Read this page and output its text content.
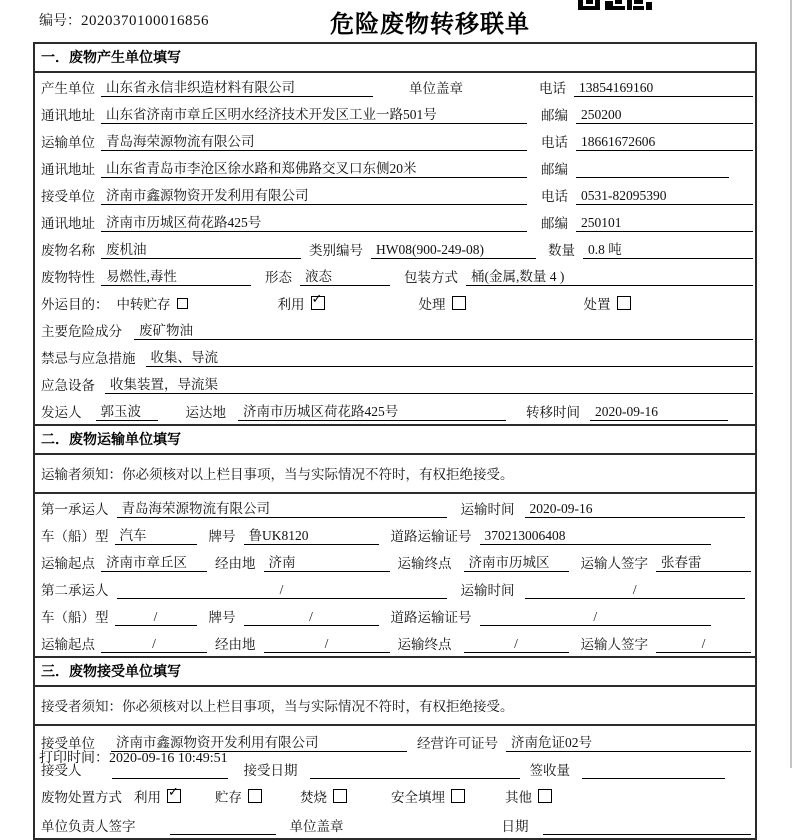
编号：2020370100016856	危险废物转移联单
一．废物产生单位填写
产生单位 山东省永信非织造材料有限公司	单位盖章	电话 13854169160
通讯地址 山东省济南市章丘区明水经济技术开发区工业一路501号	邮编 250200
运输单位 青岛海荣源物流有限公司	电话 18661672606
通讯地址 山东省青岛市李沧区徐水路和郑佛路交叉口东侧20米	邮编
接受单位 济南市鑫源物资开发利用有限公司	电话 0531-82095390
通讯地址 济南市历城区荷花路425号	邮编 250101
废物名称 废机油	类别编号 HW08(900-249-08)	数量 0.8 吨
废物特性 易燃性,毒性	形态 液态	包装方式 桶(金属,数量 4 )
外运目的： 中转贮存	利用 ✓	处理	处置
主要危险成分	废矿物油
禁忌与应急措施	收集、导流
应急设备	收集装置，导流渠
发运人	郭玉波	运达地	济南市历城区荷花路425号	转移时间	2020-09-16
二．废物运输单位填写
运输者须知：你必须核对以上栏目事项，当与实际情况不符时，有权拒绝接受。
第一承运人 青岛海荣源物流有限公司	运输时间	2020-09-16
车（船）型 汽车	牌号 鲁UK8120	道路运输证号 370213006408
运输起点 济南市章丘区	经由地 济南	运输终点	济南市历城区	运输人签字 张春雷
第二承运人	/	运输时间	/
车（船）型	/	牌号	/	道路运输证号	/
运输起点	/	经由地	/	运输终点	/	运输人签字	/
三．废物接受单位填写
接受者须知：你必须核对以上栏目事项，当与实际情况不符时，有权拒绝接受。
接受单位	济南市鑫源物资开发利用有限公司	经营许可证号 济南危证02号
接受人	接受日期	签收量
废物处置方式 利用 ✓	贮存	焚烧	安全填埋	其他
单位负责人签字	单位盖章	日期
打印时间：2020-09-16 10:49:51
